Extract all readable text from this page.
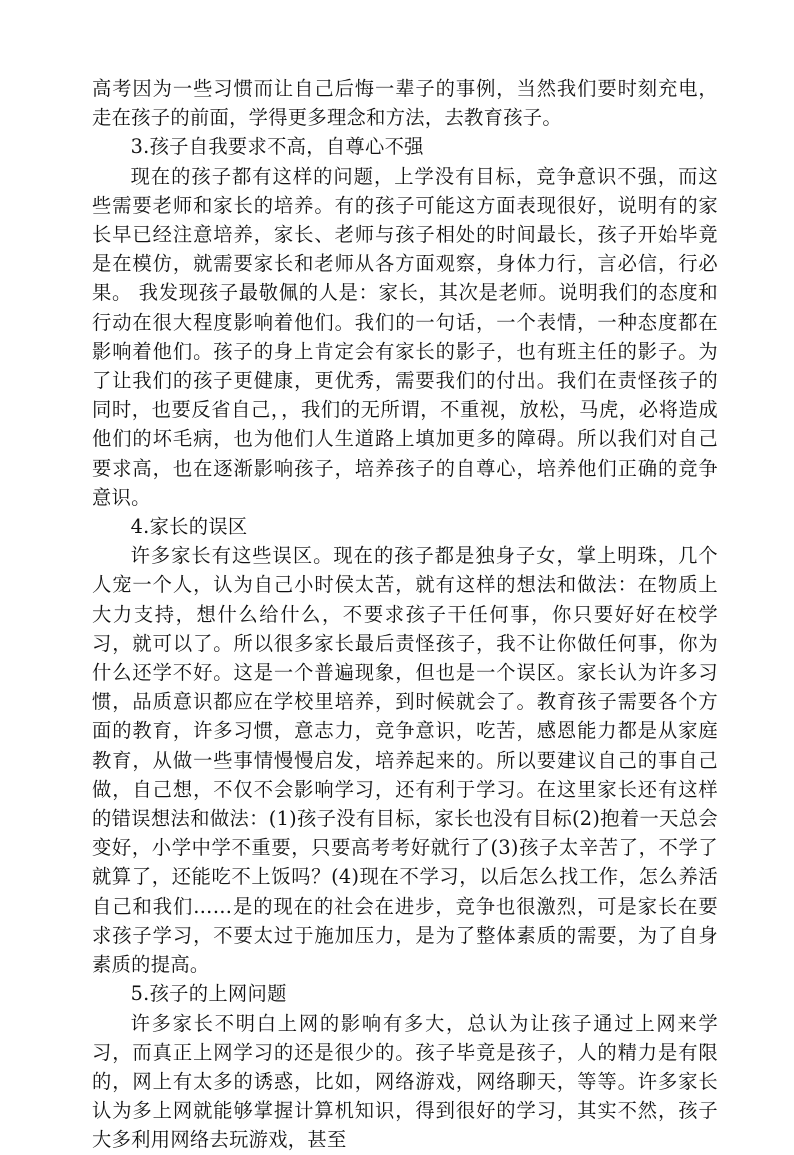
高考因为一些习惯而让自己后悔一辈子的事例，当然我们要时刻充电，走在孩子的前面，学得更多理念和方法，去教育孩子。

3.孩子自我要求不高，自尊心不强

现在的孩子都有这样的问题，上学没有目标，竞争意识不强，而这些需要老师和家长的培养。有的孩子可能这方面表现很好，说明有的家长早已经注意培养，家长、老师与孩子相处的时间最长，孩子开始毕竟是在模仿，就需要家长和老师从各方面观察，身体力行，言必信，行必果。 我发现孩子最敬佩的人是：家长，其次是老师。说明我们的态度和行动在很大程度影响着他们。我们的一句话，一个表情，一种态度都在影响着他们。孩子的身上肯定会有家长的影子，也有班主任的影子。为了让我们的孩子更健康，更优秀，需要我们的付出。我们在责怪孩子的同时，也要反省自己，，我们的无所谓，不重视，放松，马虎，必将造成他们的坏毛病，也为他们人生道路上填加更多的障碍。所以我们对自己要求高，也在逐渐影响孩子，培养孩子的自尊心，培养他们正确的竞争意识。

4.家长的误区

许多家长有这些误区。现在的孩子都是独身子女，掌上明珠，几个人宠一个人，认为自己小时侯太苦，就有这样的想法和做法：在物质上大力支持，想什么给什么，不要求孩子干任何事，你只要好好在校学习，就可以了。所以很多家长最后责怪孩子，我不让你做任何事，你为什么还学不好。这是一个普遍现象，但也是一个误区。家长认为许多习惯，品质意识都应在学校里培养，到时候就会了。教育孩子需要各个方面的教育，许多习惯，意志力，竞争意识，吃苦，感恩能力都是从家庭教育，从做一些事情慢慢启发，培养起来的。所以要建议自己的事自己做，自己想，不仅不会影响学习，还有利于学习。在这里家长还有这样的错误想法和做法：(1)孩子没有目标，家长也没有目标(2)抱着一天总会变好，小学中学不重要，只要高考考好就行了(3)孩子太辛苦了，不学了就算了，还能吃不上饭吗？(4)现在不学习，以后怎么找工作，怎么养活自己和我们……是的现在的社会在进步，竞争也很激烈，可是家长在要求孩子学习，不要太过于施加压力，是为了整体素质的需要，为了自身素质的提高。

5.孩子的上网问题

许多家长不明白上网的影响有多大，总认为让孩子通过上网来学习，而真正上网学习的还是很少的。孩子毕竟是孩子，人的精力是有限的，网上有太多的诱惑，比如，网络游戏，网络聊天，等等。许多家长认为多上网就能够掌握计算机知识，得到很好的学习，其实不然，孩子大多利用网络去玩游戏，甚至
